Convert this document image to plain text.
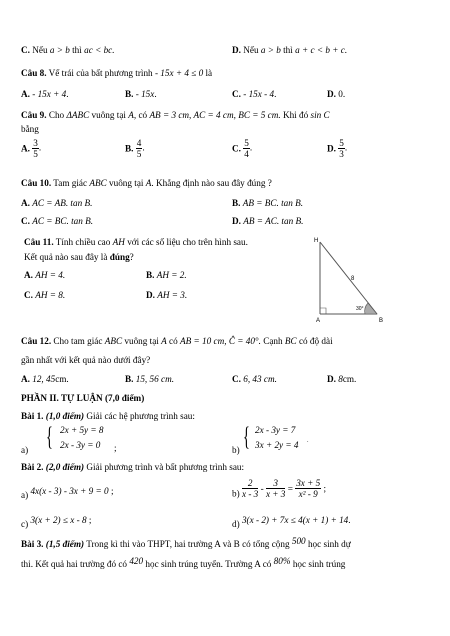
C. Nếu a > b thì ac < bc.	D. Nếu a > b thì a + c < b + c.
Câu 8. Vế trái của bất phương trình - 15x + 4 ≤ 0 là
A. - 15x + 4.	B. - 15x.	C. - 15x - 4.	D. 0.
Câu 9. Cho ΔABC vuông tại A, có AB = 3 cm, AC = 4 cm, BC = 5 cm. Khi đó sin C
bằng
A. $\frac{3}{5}$ .	B. $\frac{4}{5}$ .	C. $\frac{5}{4}$ .	D. $\frac{5}{3}$ .
Câu 10. Tam giác ABC vuông tại A. Khẳng định nào sau đây đúng ?
A. AC = AB. tan B.	B. AB = BC. tan B.
C. AC = BC. tan B.	D. AB = AC. tan B.
Câu 11. Tính chiều cao AH với các số liệu cho trên hình sau.
Kết quả nào sau đây là đúng?
A. AH = 4.	B. AH = 2.
C. AH = 8.	D. AH = 3.
H
A	B
8
30°
Câu 12. Cho tam giác ABC vuông tại A có AB = 10 cm, Ĉ = 40°. Cạnh BC có độ dài
gần nhất với kết quả nào dưới đây?
A. 12, 45cm.	B. 15, 56 cm.	C. 6, 43 cm.	D. 8cm.
PHẦN II. TỰ LUẬN (7,0 điểm)
Bài 1. (1,0 điểm) Giải các hệ phương trình sau:
a) { 2x + 5y = 8
2x - 3y = 0 ;	b) { 2x - 3y = 7
3x + 2y = 4 .
Bài 2. (2,0 điểm) Giải phương trình và bất phương trình sau:
a) 4x(x - 3) - 3x + 9 = 0 ;	$b) \frac{2}{x - 3} - \frac{3}{x + 3} = \frac{3x + 5}{\text{x² - 9}}$ ;
c) 3(x + 2) ≤ x - 8 ;	d) 3(x - 2) + 7x ≤ 4(x + 1) + 14.
Bài 3. (1,5 điểm) Trong kì thi vào THPT, hai trường A và B có tổng cộng 500 học sinh dự
thi. Kết quả hai trường đó có 420 học sinh trúng tuyển. Trường A có 80% học sinh trúng
